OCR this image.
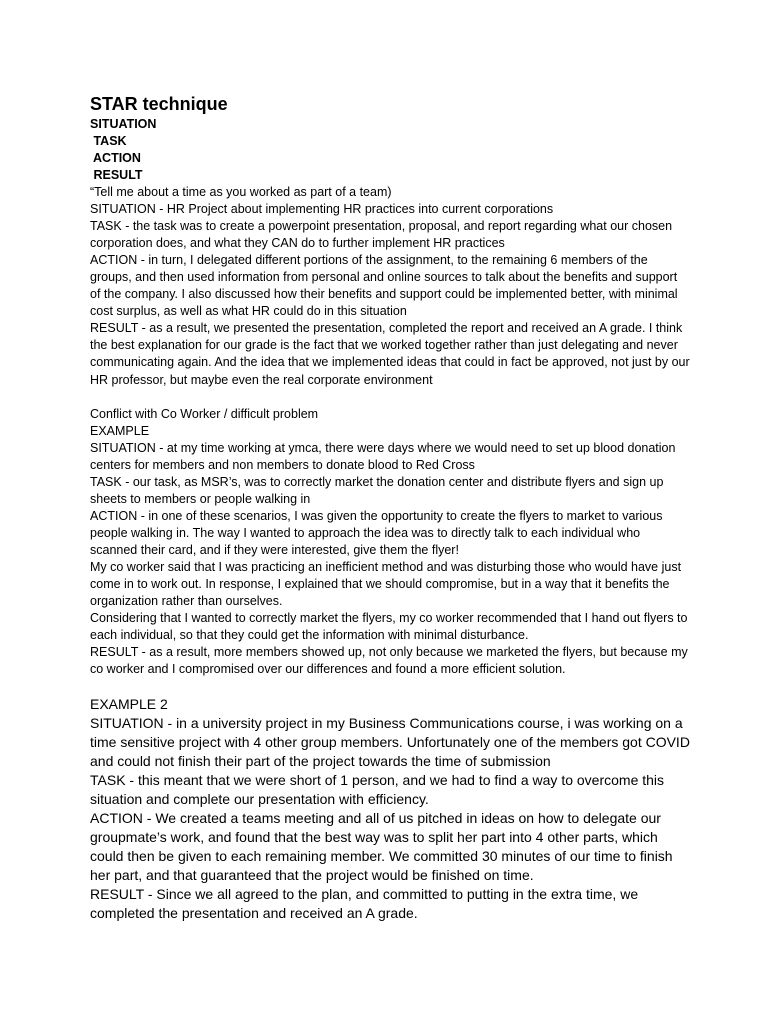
STAR technique
SITUATION
TASK
ACTION
RESULT

“Tell me about a time as you worked as part of a team)

SITUATION - HR Project about implementing HR practices into current corporations

TASK - the task was to create a powerpoint presentation, proposal, and report regarding what our chosen corporation does, and what they CAN do to further implement HR practices

ACTION - in turn, I delegated different portions of the assignment, to the remaining 6 members of the groups, and then used information from personal and online sources to talk about the benefits and support of the company. I also discussed how their benefits and support could be implemented better, with minimal cost surplus, as well as what HR could do in this situation

RESULT - as a result, we presented the presentation, completed the report and received an A grade. I think the best explanation for our grade is the fact that we worked together rather than just delegating and never communicating again. And the idea that we implemented ideas that could in fact be approved, not just by our HR professor, but maybe even the real corporate environment

Conflict with Co Worker / difficult problem

EXAMPLE

SITUATION - at my time working at ymca, there were days where we would need to set up blood donation centers for members and non members to donate blood to Red Cross

TASK - our task, as MSR’s, was to correctly market the donation center and distribute flyers and sign up sheets to members or people walking in

ACTION - in one of these scenarios, I was given the opportunity to create the flyers to market to various people walking in. The way I wanted to approach the idea was to directly talk to each individual who scanned their card, and if they were interested, give them the flyer!

My co worker said that I was practicing an inefficient method and was disturbing those who would have just come in to work out. In response, I explained that we should compromise, but in a way that it benefits the organization rather than ourselves.

Considering that I wanted to correctly market the flyers, my co worker recommended that I hand out flyers to each individual, so that they could get the information with minimal disturbance.

RESULT - as a result, more members showed up, not only because we marketed the flyers, but because my co worker and I compromised over our differences and found a more efficient solution.

EXAMPLE 2

SITUATION - in a university project in my Business Communications course, i was working on a time sensitive project with 4 other group members. Unfortunately one of the members got COVID and could not finish their part of the project towards the time of submission

TASK - this meant that we were short of 1 person, and we had to find a way to overcome this situation and complete our presentation with efficiency.

ACTION - We created a teams meeting and all of us pitched in ideas on how to delegate our groupmate’s work, and found that the best way was to split her part into 4 other parts, which could then be given to each remaining member. We committed 30 minutes of our time to finish her part, and that guaranteed that the project would be finished on time.

RESULT - Since we all agreed to the plan, and committed to putting in the extra time, we completed the presentation and received an A grade.
